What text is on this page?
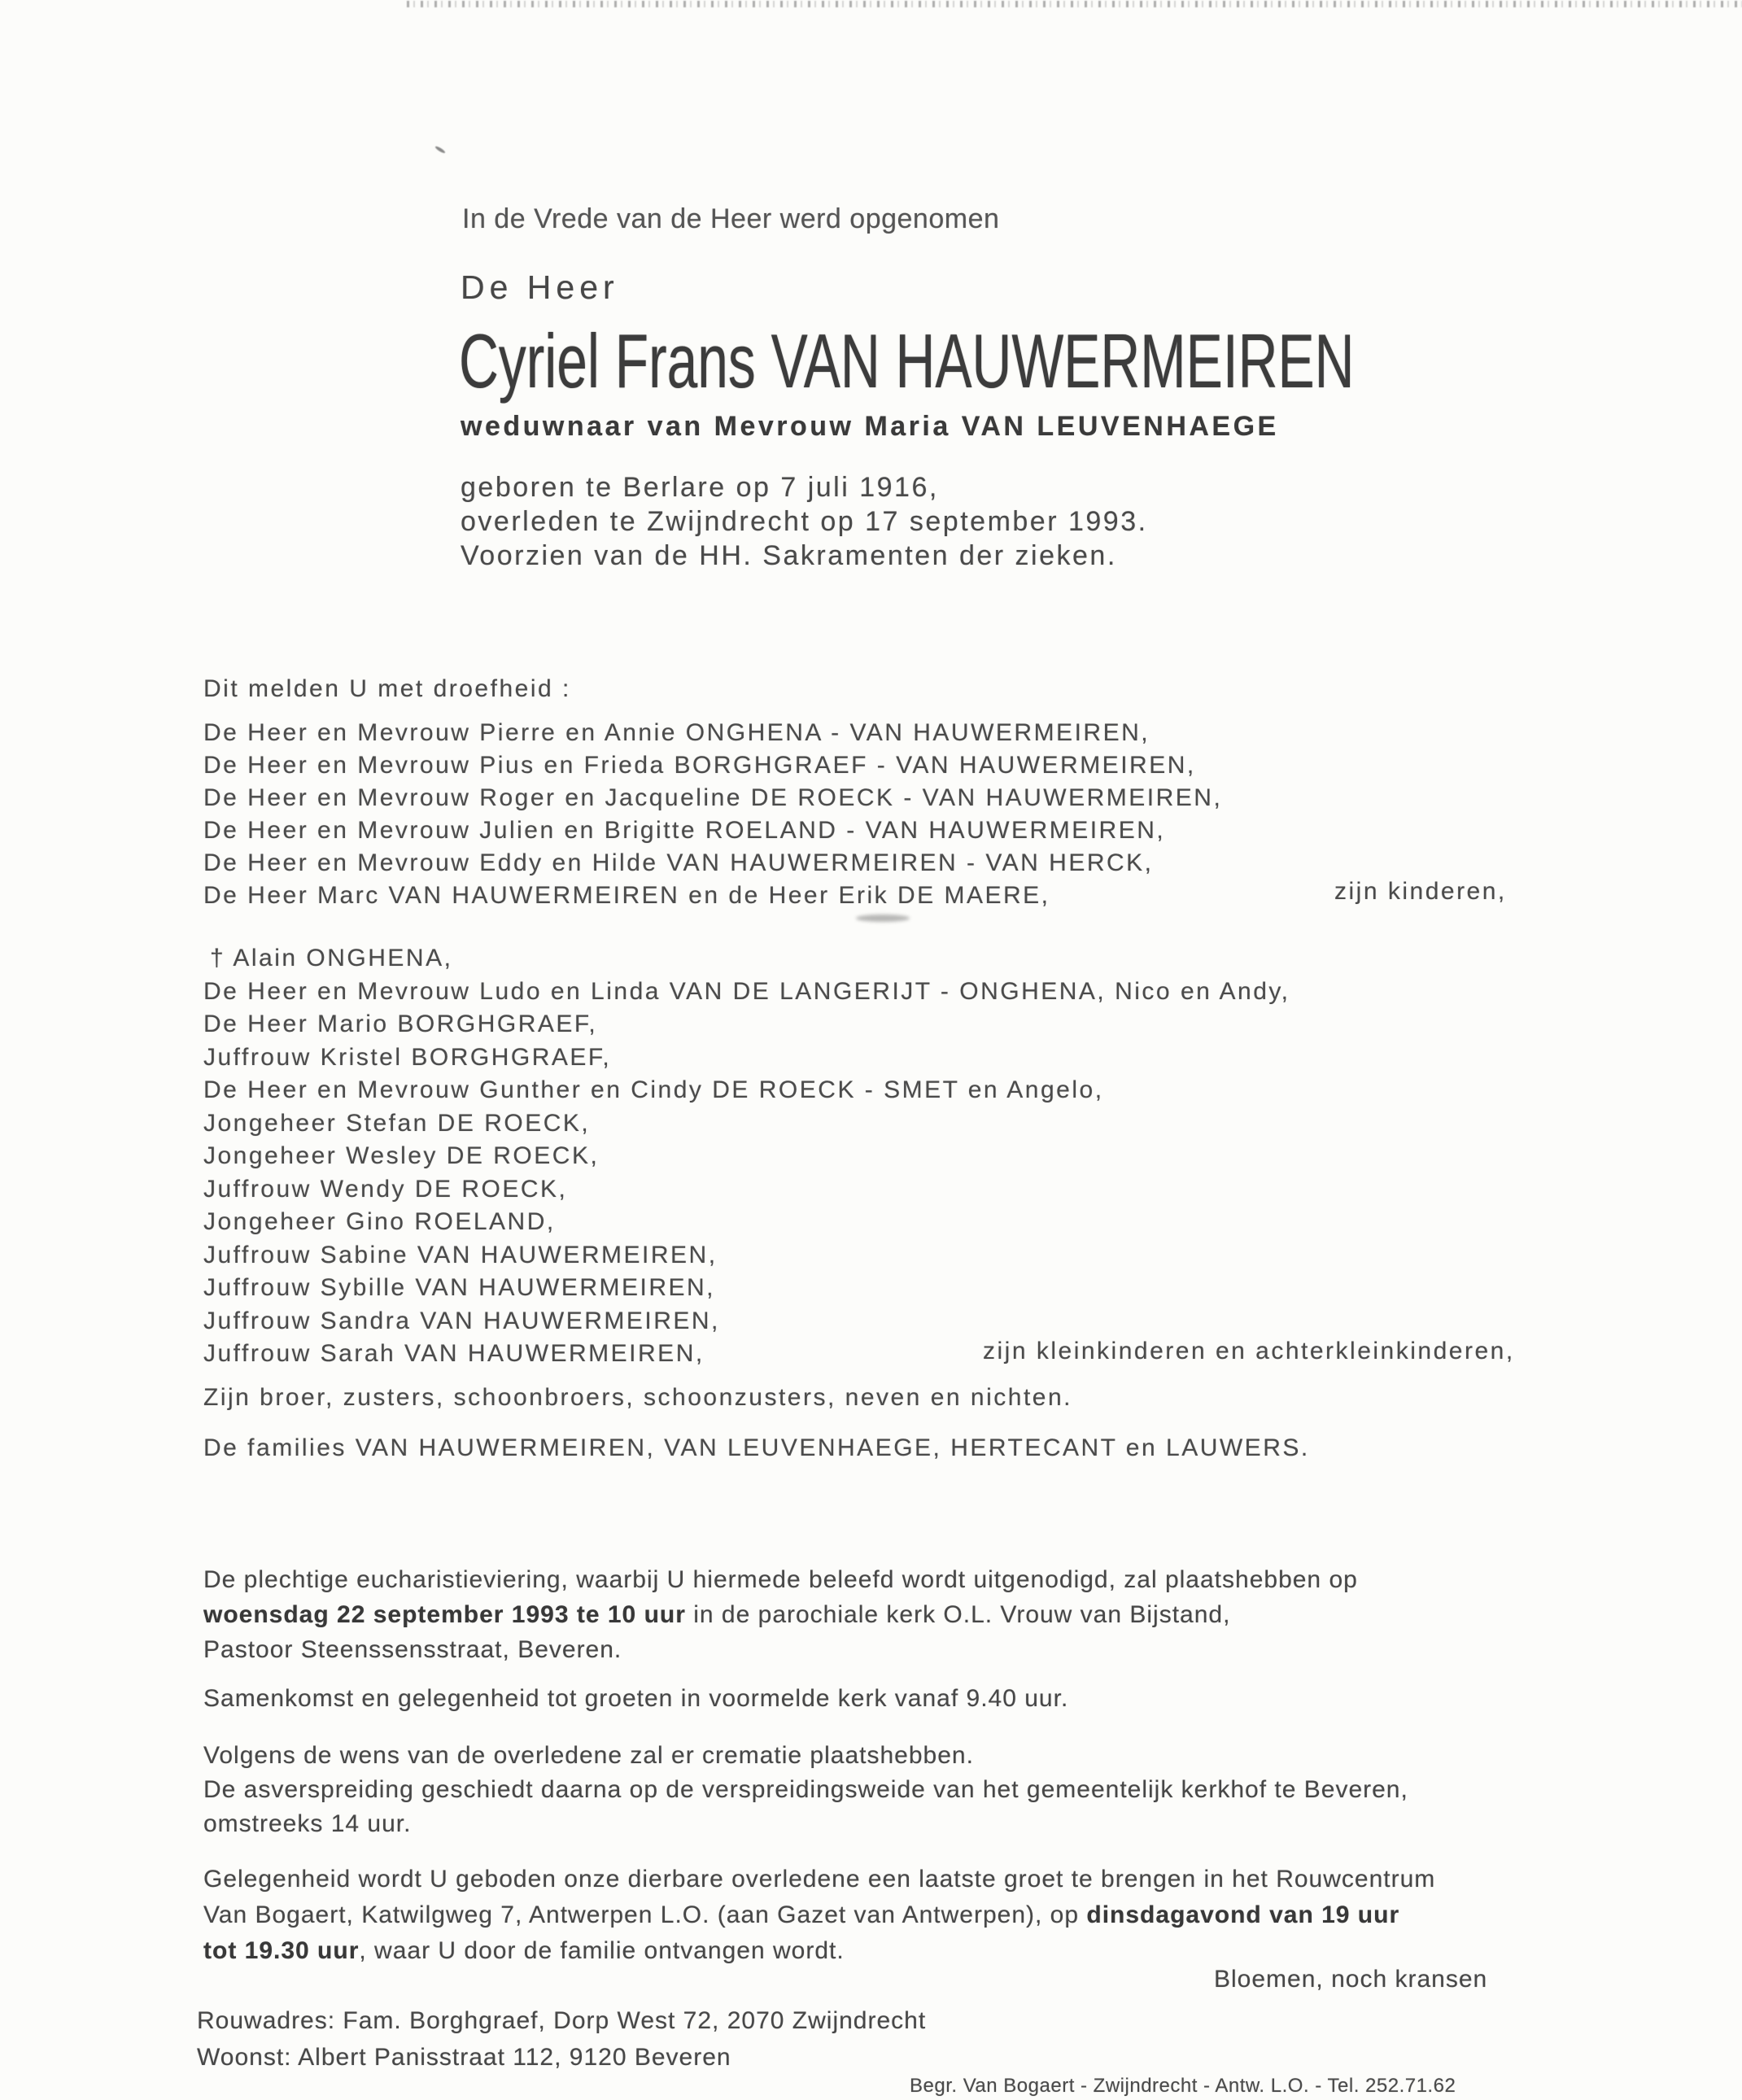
In de Vrede van de Heer werd opgenomen
De Heer
Cyriel Frans VAN HAUWERMEIREN
weduwnaar van Mevrouw Maria VAN LEUVENHAEGE
geboren te Berlare op 7 juli 1916,
overleden te Zwijndrecht op 17 september 1993.
Voorzien van de HH. Sakramenten der zieken.
Dit melden U met droefheid :
De Heer en Mevrouw Pierre en Annie ONGHENA - VAN HAUWERMEIREN,
De Heer en Mevrouw Pius en Frieda BORGHGRAEF - VAN HAUWERMEIREN,
De Heer en Mevrouw Roger en Jacqueline DE ROECK - VAN HAUWERMEIREN,
De Heer en Mevrouw Julien en Brigitte ROELAND - VAN HAUWERMEIREN,
De Heer en Mevrouw Eddy en Hilde VAN HAUWERMEIREN - VAN HERCK,
De Heer Marc VAN HAUWERMEIREN en de Heer Erik DE MAERE,	zijn kinderen,
† Alain ONGHENA,
De Heer en Mevrouw Ludo en Linda VAN DE LANGERIJT - ONGHENA, Nico en Andy,
De Heer Mario BORGHGRAEF,
Juffrouw Kristel BORGHGRAEF,
De Heer en Mevrouw Gunther en Cindy DE ROECK - SMET en Angelo,
Jongeheer Stefan DE ROECK,
Jongeheer Wesley DE ROECK,
Juffrouw Wendy DE ROECK,
Jongeheer Gino ROELAND,
Juffrouw Sabine VAN HAUWERMEIREN,
Juffrouw Sybille VAN HAUWERMEIREN,
Juffrouw Sandra VAN HAUWERMEIREN,
Juffrouw Sarah VAN HAUWERMEIREN,	zijn kleinkinderen en achterkleinkinderen,
Zijn broer, zusters, schoonbroers, schoonzusters, neven en nichten.
De families VAN HAUWERMEIREN, VAN LEUVENHAEGE, HERTECANT en LAUWERS.
De plechtige eucharistieviering, waarbij U hiermede beleefd wordt uitgenodigd, zal plaatshebben op
woensdag 22 september 1993 te 10 uur in de parochiale kerk O.L. Vrouw van Bijstand,
Pastoor Steenssensstraat, Beveren.
Samenkomst en gelegenheid tot groeten in voormelde kerk vanaf 9.40 uur.
Volgens de wens van de overledene zal er crematie plaatshebben.
De asverspreiding geschiedt daarna op de verspreidingsweide van het gemeentelijk kerkhof te Beveren,
omstreeks 14 uur.
Gelegenheid wordt U geboden onze dierbare overledene een laatste groet te brengen in het Rouwcentrum
Van Bogaert, Katwilgweg 7, Antwerpen L.O. (aan Gazet van Antwerpen), op dinsdagavond van 19 uur
tot 19.30 uur, waar U door de familie ontvangen wordt.
Bloemen, noch kransen
Rouwadres: Fam. Borghgraef, Dorp West 72, 2070 Zwijndrecht
Woonst: Albert Panisstraat 112, 9120 Beveren
Begr. Van Bogaert - Zwijndrecht - Antw. L.O. - Tel. 252.71.62
